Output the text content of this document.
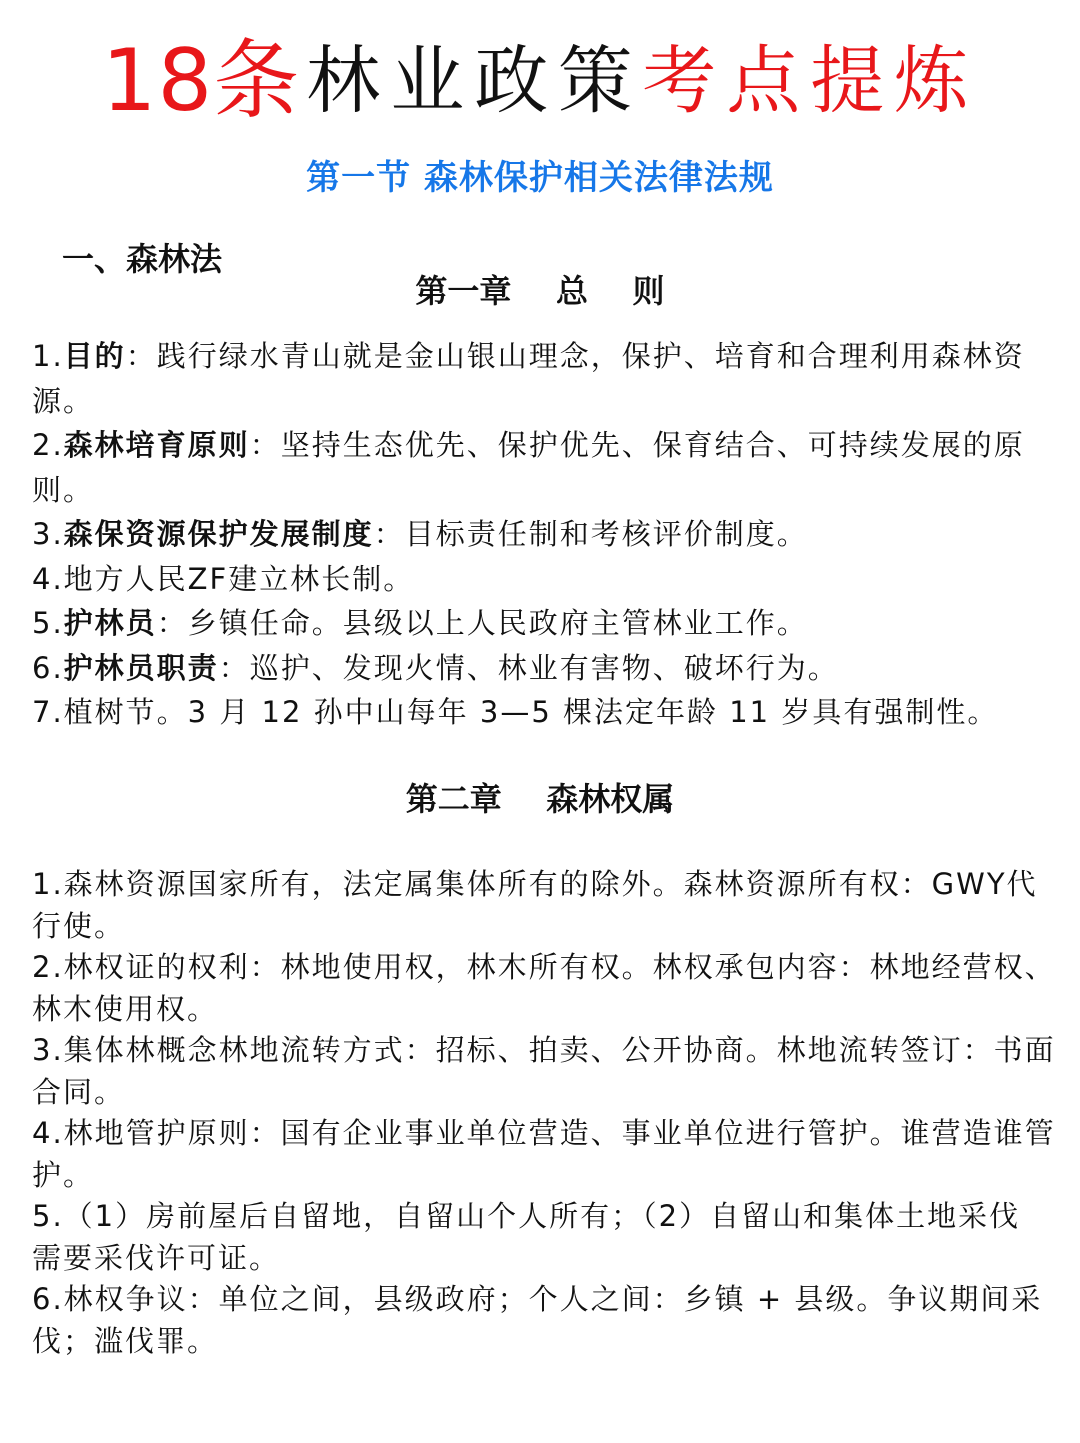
18条林业政策考点提炼
第一节 森林保护相关法律法规
一、森林法
第一章    总    则
1.目的：践行绿水青山就是金山银山理念，保护、培育和合理利用森林资源。
2.森林培育原则：坚持生态优先、保护优先、保育结合、可持续发展的原则。
3.森保资源保护发展制度：目标责任制和考核评价制度。
4.地方人民ZF建立林长制。
5.护林员：乡镇任命。县级以上人民政府主管林业工作。
6.护林员职责：巡护、发现火情、林业有害物、破坏行为。
7.植树节。3 月 12 孙中山每年 3—5 棵法定年龄 11 岁具有强制性。
第二章    森林权属
1.森林资源国家所有，法定属集体所有的除外。森林资源所有权：GWY代行使。
2.林权证的权利：林地使用权，林木所有权。林权承包内容：林地经营权、林木使用权。
3.集体林概念林地流转方式：招标、拍卖、公开协商。林地流转签订：书面合同。
4.林地管护原则：国有企业事业单位营造、事业单位进行管护。谁营造谁管护。
5.（1）房前屋后自留地，自留山个人所有；（2）自留山和集体土地采伐
需要采伐许可证。
6.林权争议：单位之间，县级政府；个人之间：乡镇 + 县级。争议期间采伐；滥伐罪。
